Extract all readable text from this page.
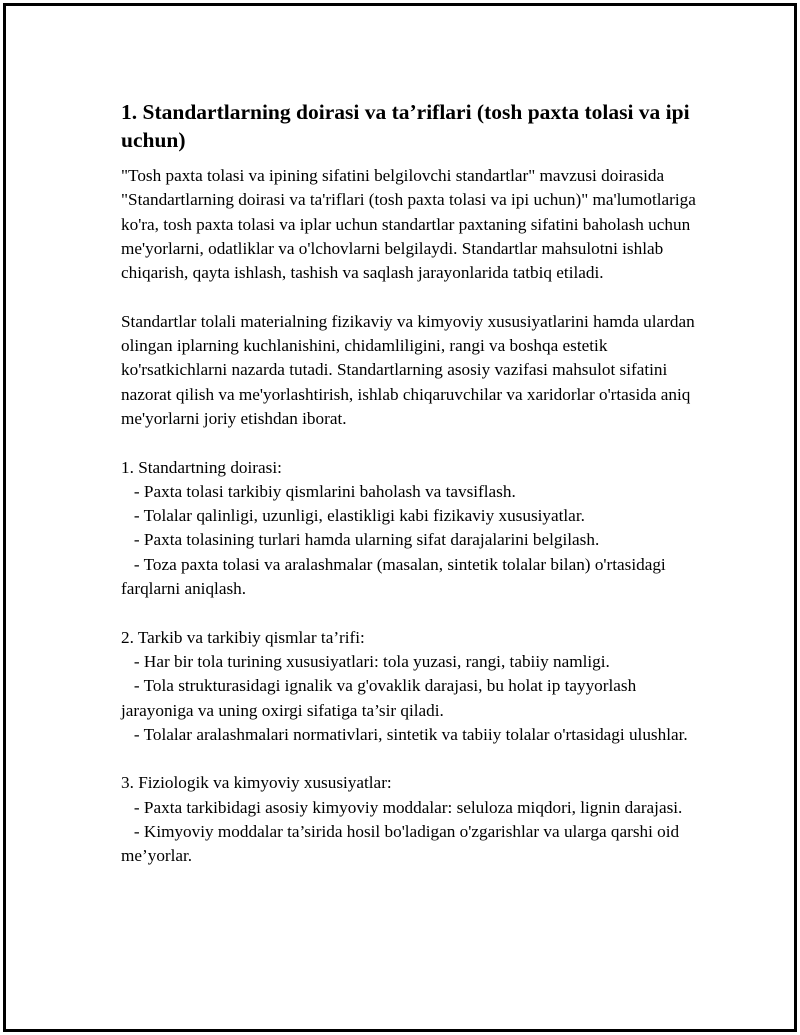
1. Standartlarning doirasi va ta’riflari (tosh paxta tolasi va ipi uchun)
"Tosh paxta tolasi va ipining sifatini belgilovchi standartlar" mavzusi doirasida "Standartlarning doirasi va ta'riflari (tosh paxta tolasi va ipi uchun)" ma'lumotlariga ko'ra, tosh paxta tolasi va iplar uchun standartlar paxtaning sifatini baholash uchun me'yorlarni, odatliklar va o'lchovlarni belgilaydi. Standartlar mahsulotni ishlab chiqarish, qayta ishlash, tashish va saqlash jarayonlarida tatbiq etiladi.

Standartlar tolali materialning fizikaviy va kimyoviy xususiyatlarini hamda ulardan olingan iplarning kuchlanishini, chidamliligini, rangi va boshqa estetik ko'rsatkichlarni nazarda tutadi. Standartlarning asosiy vazifasi mahsulot sifatini nazorat qilish va me'yorlashtirish, ishlab chiqaruvchilar va xaridorlar o'rtasida aniq me'yorlarni joriy etishdan iborat.

1. Standartning doirasi:
- Paxta tolasi tarkibiy qismlarini baholash va tavsiflash.
- Tolalar qalinligi, uzunligi, elastikligi kabi fizikaviy xususiyatlar.
- Paxta tolasining turlari hamda ularning sifat darajalarini belgilash.
- Toza paxta tolasi va aralashmalar (masalan, sintetik tolalar bilan) o'rtasidagi farqlarni aniqlash.

2. Tarkib va tarkibiy qismlar ta’rifi:
- Har bir tola turining xususiyatlari: tola yuzasi, rangi, tabiiy namligi.
- Tola strukturasidagi ignalik va g'ovaklik darajasi, bu holat ip tayyorlash jarayoniga va uning oxirgi sifatiga ta’sir qiladi.
- Tolalar aralashmalari normativlari, sintetik va tabiiy tolalar o'rtasidagi ulushlar.

3. Fiziologik va kimyoviy xususiyatlar:
- Paxta tarkibidagi asosiy kimyoviy moddalar: seluloza miqdori, lignin darajasi.
- Kimyoviy moddalar ta’sirida hosil bo'ladigan o'zgarishlar va ularga qarshi oid me’yorlar.
